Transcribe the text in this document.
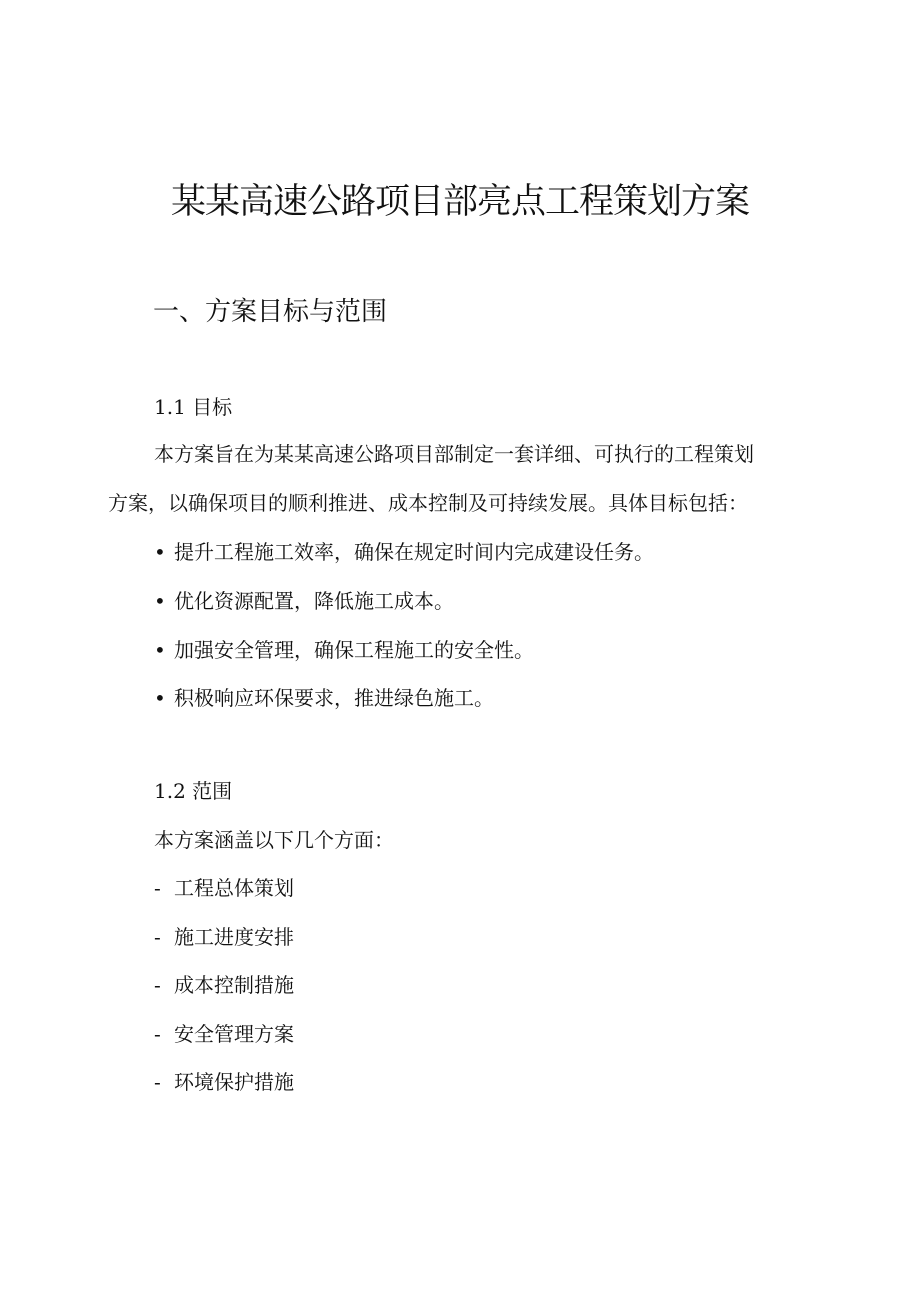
某某高速公路项目部亮点工程策划方案
一、方案目标与范围

1.1 目标

本方案旨在为某某高速公路项目部制定一套详细、可执行的工程策划

方案，以确保项目的顺利推进、成本控制及可持续发展。具体目标包括：

• 提升工程施工效率，确保在规定时间内完成建设任务。

• 优化资源配置，降低施工成本。

• 加强安全管理，确保工程施工的安全性。

• 积极响应环保要求，推进绿色施工。

1.2 范围

本方案涵盖以下几个方面：

- 工程总体策划

- 施工进度安排

- 成本控制措施

- 安全管理方案

- 环境保护措施
